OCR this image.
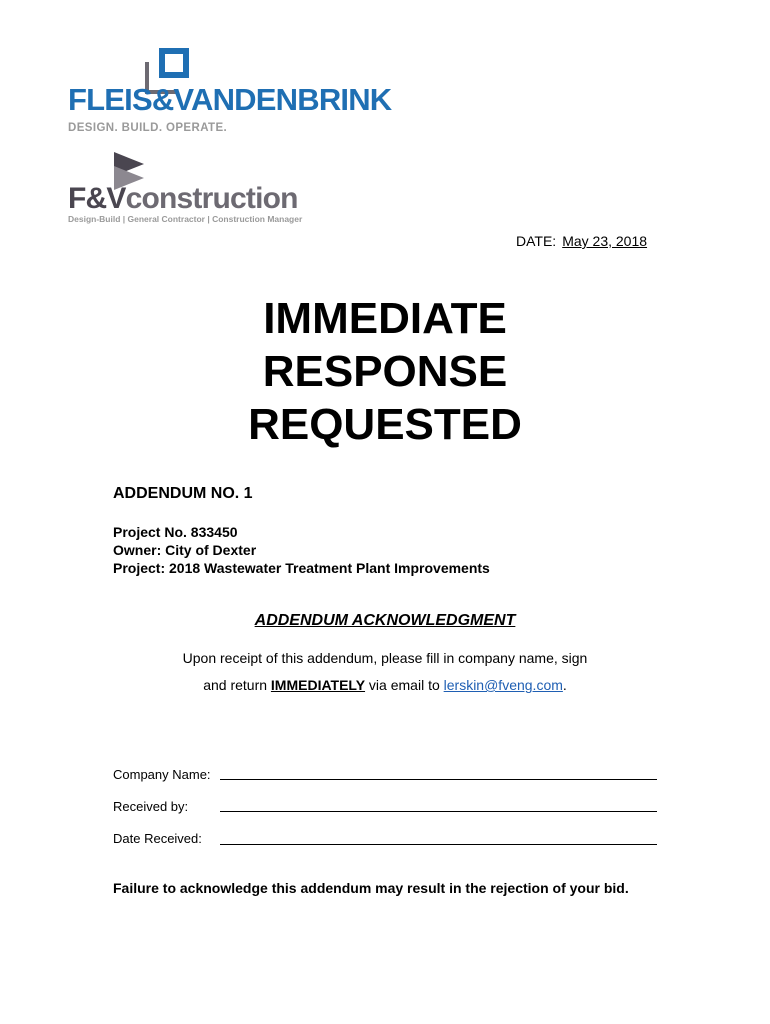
FLEIS&VANDENBRINK
DESIGN. BUILD. OPERATE.
F&Vconstruction
Design-Build | General Contractor | Construction Manager
DATE: May 23, 2018
IMMEDIATE
RESPONSE
REQUESTED
ADDENDUM NO. 1
Project No. 833450
Owner: City of Dexter
Project: 2018 Wastewater Treatment Plant Improvements
ADDENDUM ACKNOWLEDGMENT
Upon receipt of this addendum, please fill in company name, sign
and return IMMEDIATELY via email to lerskin@fveng.com.
Company Name:
Received by:
Date Received:
Failure to acknowledge this addendum may result in the rejection of your bid.
